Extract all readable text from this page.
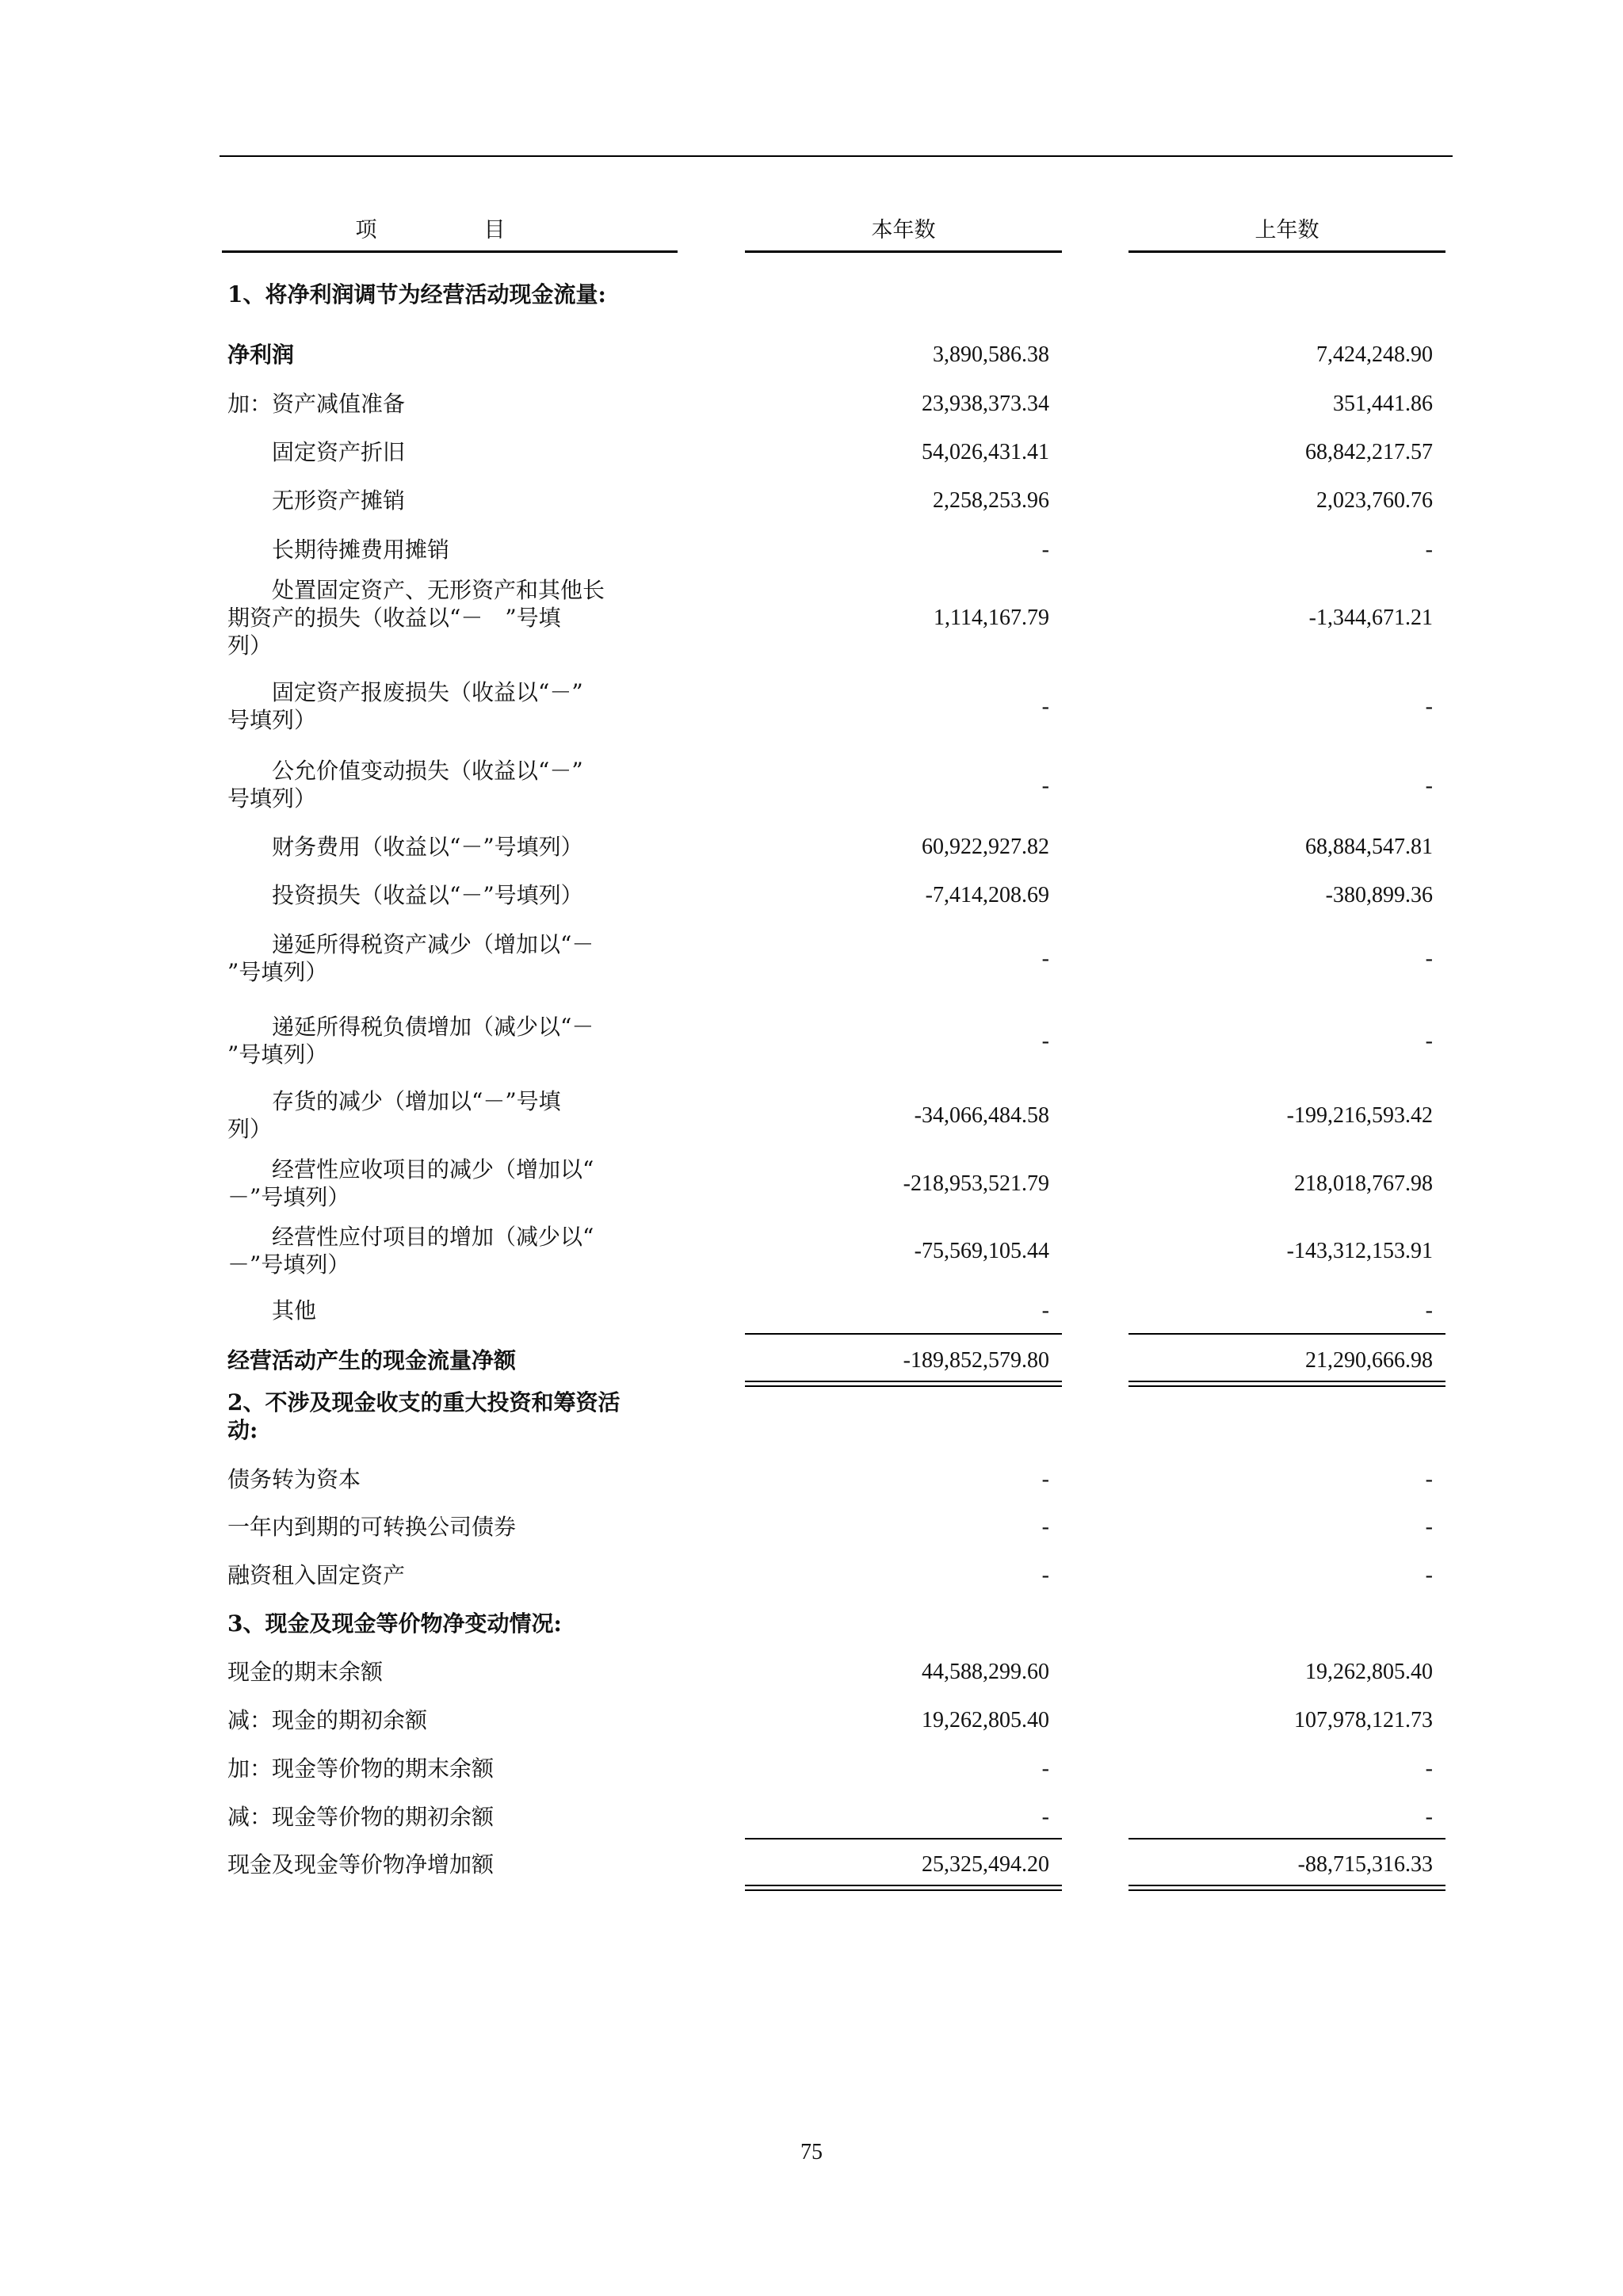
项　目	本年数	上年数
1、将净利润调节为经营活动现金流量:
净利润	3,890,586.38	7,424,248.90
加：资产减值准备	23,938,373.34	351,441.86
　　固定资产折旧	54,026,431.41	68,842,217.57
　　无形资产摊销	2,258,253.96	2,023,760.76
　　长期待摊费用摊销	-	-
　　处置固定资产、无形资产和其他长
期资产的损失（收益以“－　”号填
列）
1,114,167.79	-1,344,671.21
　　固定资产报废损失（收益以“－”
号填列）
-	-
　　公允价值变动损失（收益以“－”
号填列）	-	-
　　财务费用（收益以“－”号填列）	60,922,927.82	68,884,547.81
　　投资损失（收益以“－”号填列）	-7,414,208.69	-380,899.36
　　递延所得税资产减少（增加以“－
”号填列）
-	-
　　递延所得税负债增加（减少以“－
”号填列）
-	-
　　存货的减少（增加以“－”号填
列）
-34,066,484.58	-199,216,593.42
　　经营性应收项目的减少（增加以“
－”号填列）
-218,953,521.79	218,018,767.98
　　经营性应付项目的增加（减少以“
－”号填列）
-75,569,105.44	-143,312,153.91
　　其他	-	-
经营活动产生的现金流量净额	-189,852,579.80	21,290,666.98
2、不涉及现金收支的重大投资和筹资活
动:
债务转为资本	-	-
一年内到期的可转换公司债券	-	-
融资租入固定资产	-	-
3、现金及现金等价物净变动情况:
现金的期末余额	44,588,299.60	19,262,805.40
减：现金的期初余额	19,262,805.40	107,978,121.73
加：现金等价物的期末余额	-	-
减：现金等价物的期初余额	-	-
现金及现金等价物净增加额	25,325,494.20	-88,715,316.33
75
